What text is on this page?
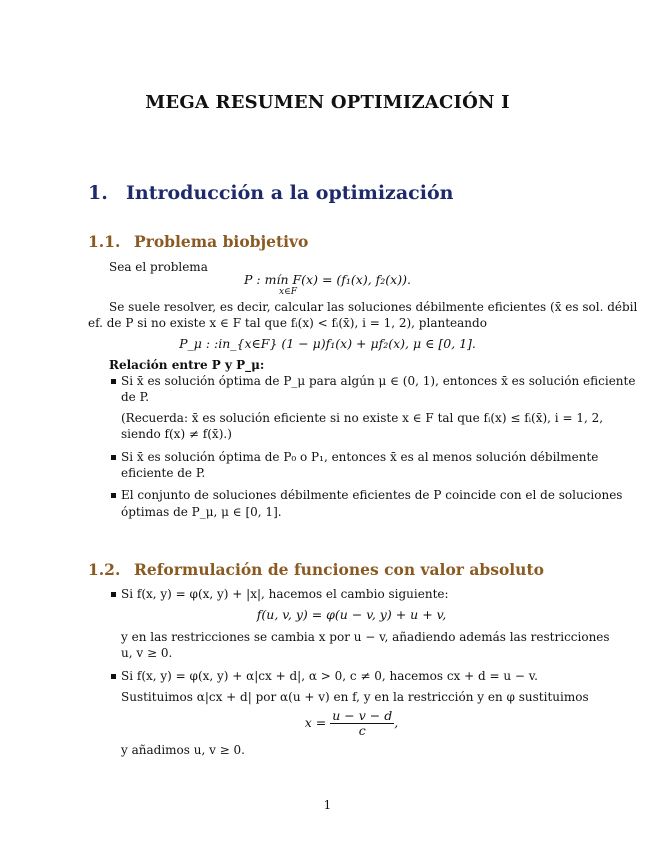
MEGA RESUMEN OPTIMIZACIÓN I
1. Introducción a la optimización
1.1. Problema biobjetivo
Sea el problema
P : mín F(x) = (f₁(x), f₂(x)).
x∈F
Se suele resolver, es decir, calcular las soluciones débilmente eficientes (x̄ es sol. débil
ef. de P si no existe x ∈ F tal que fᵢ(x) < fᵢ(x̄), i = 1, 2), planteando
P_μ : :in_{x∈F} (1 − μ)f₁(x) + μf₂(x), μ ∈ [0, 1].
Relación entre P y P_μ:
Si x̄ es solución óptima de P_μ para algún μ ∈ (0, 1), entonces x̄ es solución eficiente
de P.
(Recuerda: x̄ es solución eficiente si no existe x ∈ F tal que fᵢ(x) ≤ fᵢ(x̄), i = 1, 2,
siendo f(x) ≠ f(x̄).)
Si x̄ es solución óptima de P₀ o P₁, entonces x̄ es al menos solución débilmente
eficiente de P.
El conjunto de soluciones débilmente eficientes de P coincide con el de soluciones
óptimas de P_μ, μ ∈ [0, 1].
1.2. Reformulación de funciones con valor absoluto
Si f(x, y) = φ(x, y) + |x|, hacemos el cambio siguiente:
f(u, v, y) = φ(u − v, y) + u + v,
y en las restricciones se cambia x por u − v, añadiendo además las restricciones
u, v ≥ 0.
Si f(x, y) = φ(x, y) + α|cx + d|, α > 0, c ≠ 0, hacemos cx + d = u − v.
Sustituimos α|cx + d| por α(u + v) en f, y en la restricción y en φ sustituimos
$x = \frac{u - v - d}{c}$ ,
y añadimos u, v ≥ 0.
1
